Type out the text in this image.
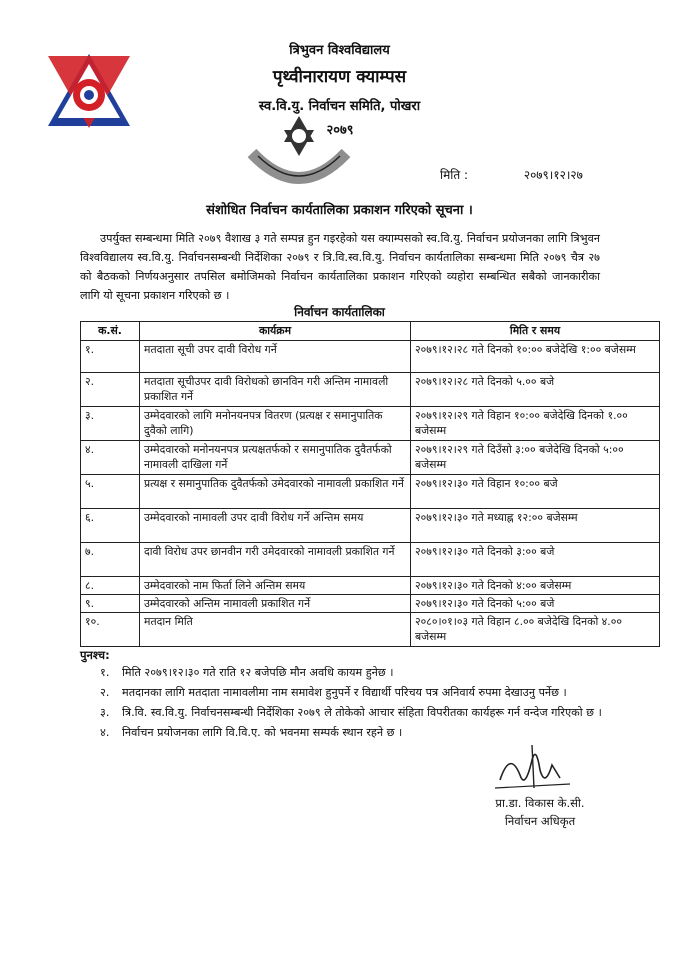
त्रिभुवन विश्वविद्यालय
पृथ्वीनारायण क्याम्पस
स्व.वि.यु. निर्वाचन समिति, पोखरा
२०७९
मिति :	२०७९।१२।२७
संशोधित निर्वाचन कार्यतालिका प्रकाशन गरिएको सूचना ।
उपर्युक्त सम्बन्धमा मिति २०७९ वैशाख ३ गते सम्पन्न हुन गइरहेको यस क्याम्पसको स्व.वि.यु. निर्वाचन प्रयोजनका लागि त्रिभुवन विश्वविद्यालय स्व.वि.यु. निर्वाचनसम्बन्धी निर्देशिका २०७९ र त्रि.वि.स्व.वि.यु. निर्वाचन कार्यतालिका सम्बन्धमा मिति २०७९ चैत्र २७ को बैठकको निर्णयअनुसार तपसिल बमोजिमको निर्वाचन कार्यतालिका प्रकाशन गरिएको व्यहोरा सम्बन्धित सबैको जानकारीका लागि यो सूचना प्रकाशन गरिएको छ ।
निर्वाचन कार्यतालिका
क.सं.	कार्यक्रम	मिति र समय
१.	मतदाता सूची उपर दावी विरोध गर्ने	२०७९।१२।२८ गते दिनको १०:०० बजेदेखि १:०० बजेसम्म
२.	मतदाता सूचीउपर दावी विरोधको छानविन गरी अन्तिम नामावली प्रकाशित गर्ने	२०७९।१२।२८ गते दिनको ५.०० बजे
३.	उम्मेदवारको लागि मनोनयनपत्र वितरण (प्रत्यक्ष र समानुपातिक दुवैको लागि)	२०७९।१२।२९ गते विहान १०:०० बजेदेखि दिनको १.०० बजेसम्म
४.	उम्मेदवारको मनोनयनपत्र प्रत्यक्षतर्फको र समानुपातिक दुवैतर्फको नामावली दाखिला गर्ने	२०७९।१२।२९ गते दिउँसो ३:०० बजेदेखि दिनको ५:०० बजेसम्म
५.	प्रत्यक्ष र समानुपातिक दुवैतर्फको उमेदवारको नामावली प्रकाशित गर्ने	२०७९।१२।३० गते विहान १०:०० बजे
६.	उम्मेदवारको नामावली उपर दावी विरोध गर्ने अन्तिम समय	२०७९।१२।३० गते मध्याह्न १२:०० बजेसम्म
७.	दावी विरोध उपर छानवीन गरी उमेदवारको नामावली प्रकाशित गर्ने	२०७९।१२।३० गते दिनको ३:०० बजे
८.	उम्मेदवारको नाम फिर्ता लिने अन्तिम समय	२०७९।१२।३० गते दिनको ४:०० बजेसम्म
९.	उम्मेदवारको अन्तिम नामावली प्रकाशित गर्ने	२०७९।१२।३० गते दिनको ५:०० बजे
१०.	मतदान मिति	२०८०।०१।०३ गते विहान ८.०० बजेदेखि दिनको ४.०० बजेसम्म
पुनश्च:
१.	मिति २०७९।१२।३० गते राति १२ बजेपछि मौन अवधि कायम हुनेछ ।
२.	मतदानका लागि मतदाता नामावलीमा नाम समावेश हुनुपर्ने र विद्यार्थी परिचय पत्र अनिवार्य रुपमा देखाउनु पर्नेछ ।
३.	त्रि.वि. स्व.वि.यु. निर्वाचनसम्बन्धी निर्देशिका २०७९ ले तोकेको आचार संहिता विपरीतका कार्यहरू गर्न वन्देज गरिएको छ ।
४.	निर्वाचन प्रयोजनका लागि वि.वि.ए. को भवनमा सम्पर्क स्थान रहने छ ।
प्रा.डा. विकास के.सी.
निर्वाचन अधिकृत
